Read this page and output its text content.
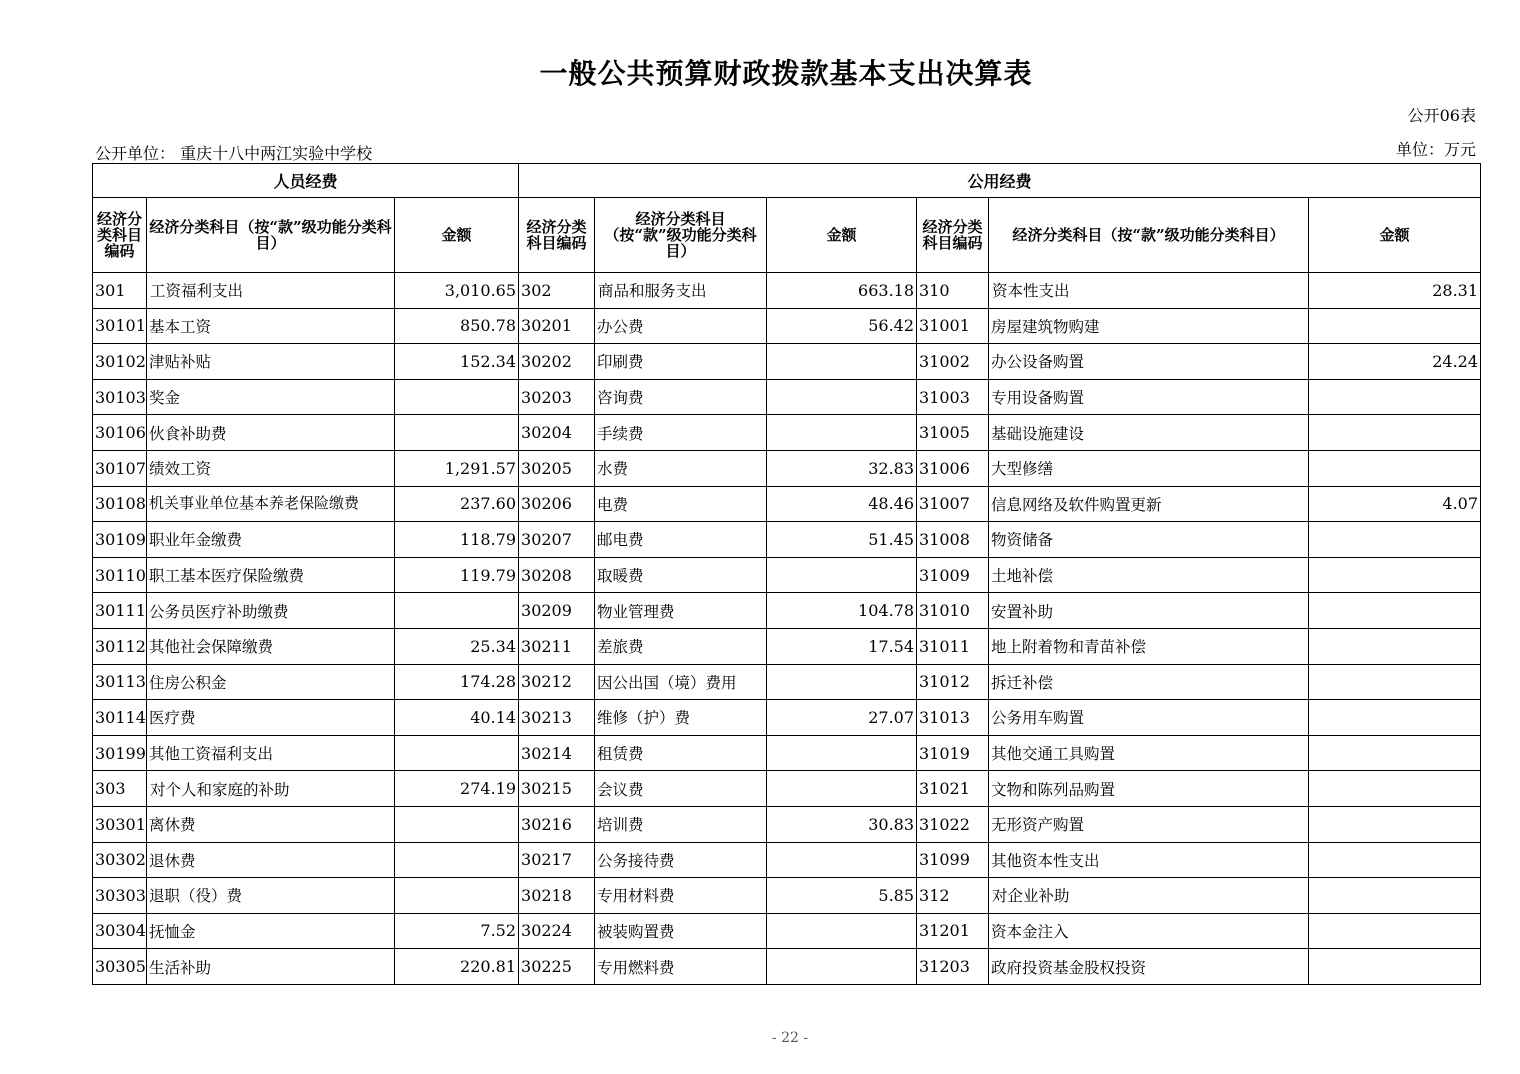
一般公共预算财政拨款基本支出决算表
公开06表
公开单位： 重庆十八中两江实验中学校	单位：万元
人员经费			公用经费					
经济分类科目编码	经济分类科目（按“款”级功能分类科目）	金额	经济分类科目编码	经济分类科目（按“款”级功能分类科目）	金额	经济分类科目编码	经济分类科目（按“款”级功能分类科目）	金额
301	工资福利支出	3,010.65	302	商品和服务支出	663.18	310	资本性支出	28.31
30101	基本工资	850.78	30201	办公费	56.42	31001	房屋建筑物购建	
30102	津贴补贴	152.34	30202	印刷费		31002	办公设备购置	24.24
30103	奖金		30203	咨询费		31003	专用设备购置	
30106	伙食补助费		30204	手续费		31005	基础设施建设	
30107	绩效工资	1,291.57	30205	水费	32.83	31006	大型修缮	
30108	机关事业单位基本养老保险缴费	237.60	30206	电费	48.46	31007	信息网络及软件购置更新	4.07
30109	职业年金缴费	118.79	30207	邮电费	51.45	31008	物资储备	
30110	职工基本医疗保险缴费	119.79	30208	取暖费		31009	土地补偿	
30111	公务员医疗补助缴费		30209	物业管理费	104.78	31010	安置补助	
30112	其他社会保障缴费	25.34	30211	差旅费	17.54	31011	地上附着物和青苗补偿	
30113	住房公积金	174.28	30212	因公出国（境）费用		31012	拆迁补偿	
30114	医疗费	40.14	30213	维修（护）费	27.07	31013	公务用车购置	
30199	其他工资福利支出		30214	租赁费		31019	其他交通工具购置	
303	对个人和家庭的补助	274.19	30215	会议费		31021	文物和陈列品购置	
30301	离休费		30216	培训费	30.83	31022	无形资产购置	
30302	退休费		30217	公务接待费		31099	其他资本性支出	
30303	退职（役）费		30218	专用材料费	5.85	312	对企业补助	
30304	抚恤金	7.52	30224	被装购置费		31201	资本金注入	
30305	生活补助	220.81	30225	专用燃料费		31203	政府投资基金股权投资	
- 22 -
